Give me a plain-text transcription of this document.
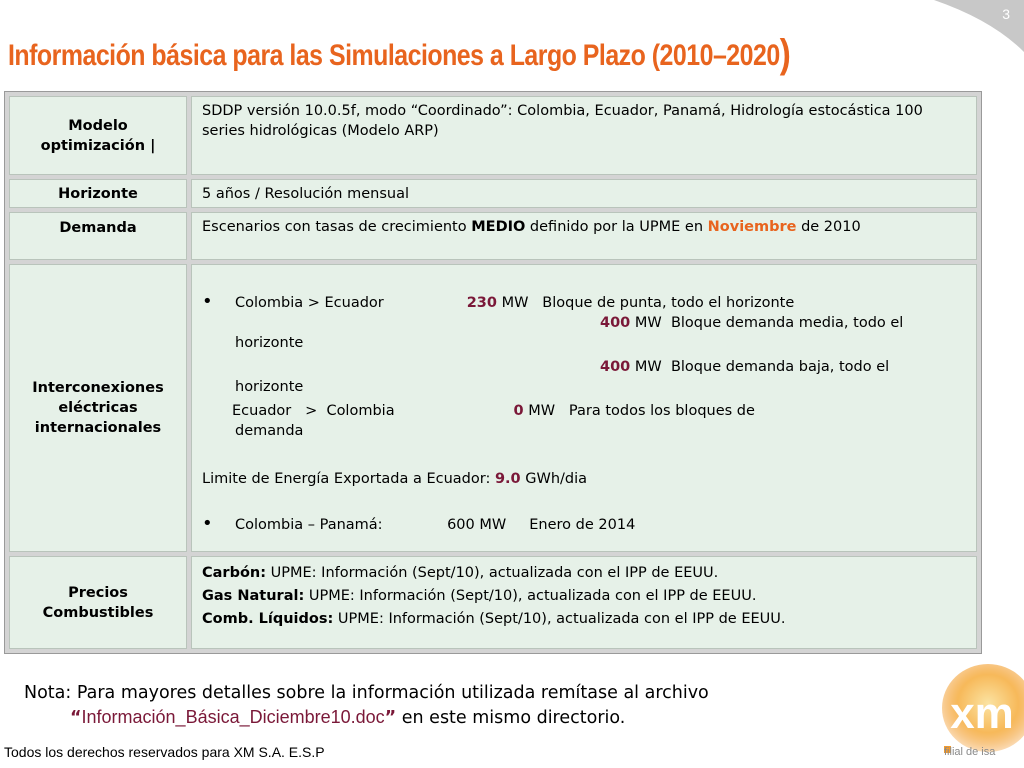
3
Información básica para las Simulaciones a Largo Plazo (2010–2020)
Modelo optimización |
SDDP versión 10.0.5f, modo “Coordinado”: Colombia, Ecuador, Panamá, Hidrología estocástica 100 series hidrológicas (Modelo ARP)
Horizonte	5 años / Resolución mensual
Demanda	Escenarios con tasas de crecimiento MEDIO definido por la UPME en Noviembre de 2010
Interconexiones eléctricas internacionales
• Colombia > Ecuador                  230 MW   Bloque de punta, todo el horizonte
400 MW  Bloque demanda media, todo el
horizonte
400 MW  Bloque demanda baja, todo el
horizonte
Ecuador   >  Colombia                  0 MW   Para todos los bloques de
demanda
Limite de Energía Exportada a Ecuador: 9.0 GWh/dia
• Colombia – Panamá:              600 MW     Enero de 2014
Precios Combustibles
Carbón: UPME: Información (Sept/10), actualizada con el IPP de EEUU.
Gas Natural: UPME: Información (Sept/10), actualizada con el IPP de EEUU.
Comb. Líquidos: UPME: Información (Sept/10), actualizada con el IPP de EEUU.
Nota: Para mayores detalles sobre la información utilizada remítase al archivo
“Información_Básica_Diciembre10.doc” en este mismo directorio.
Todos los derechos reservados para XM S.A. E.S.P
xm
filial de isa
